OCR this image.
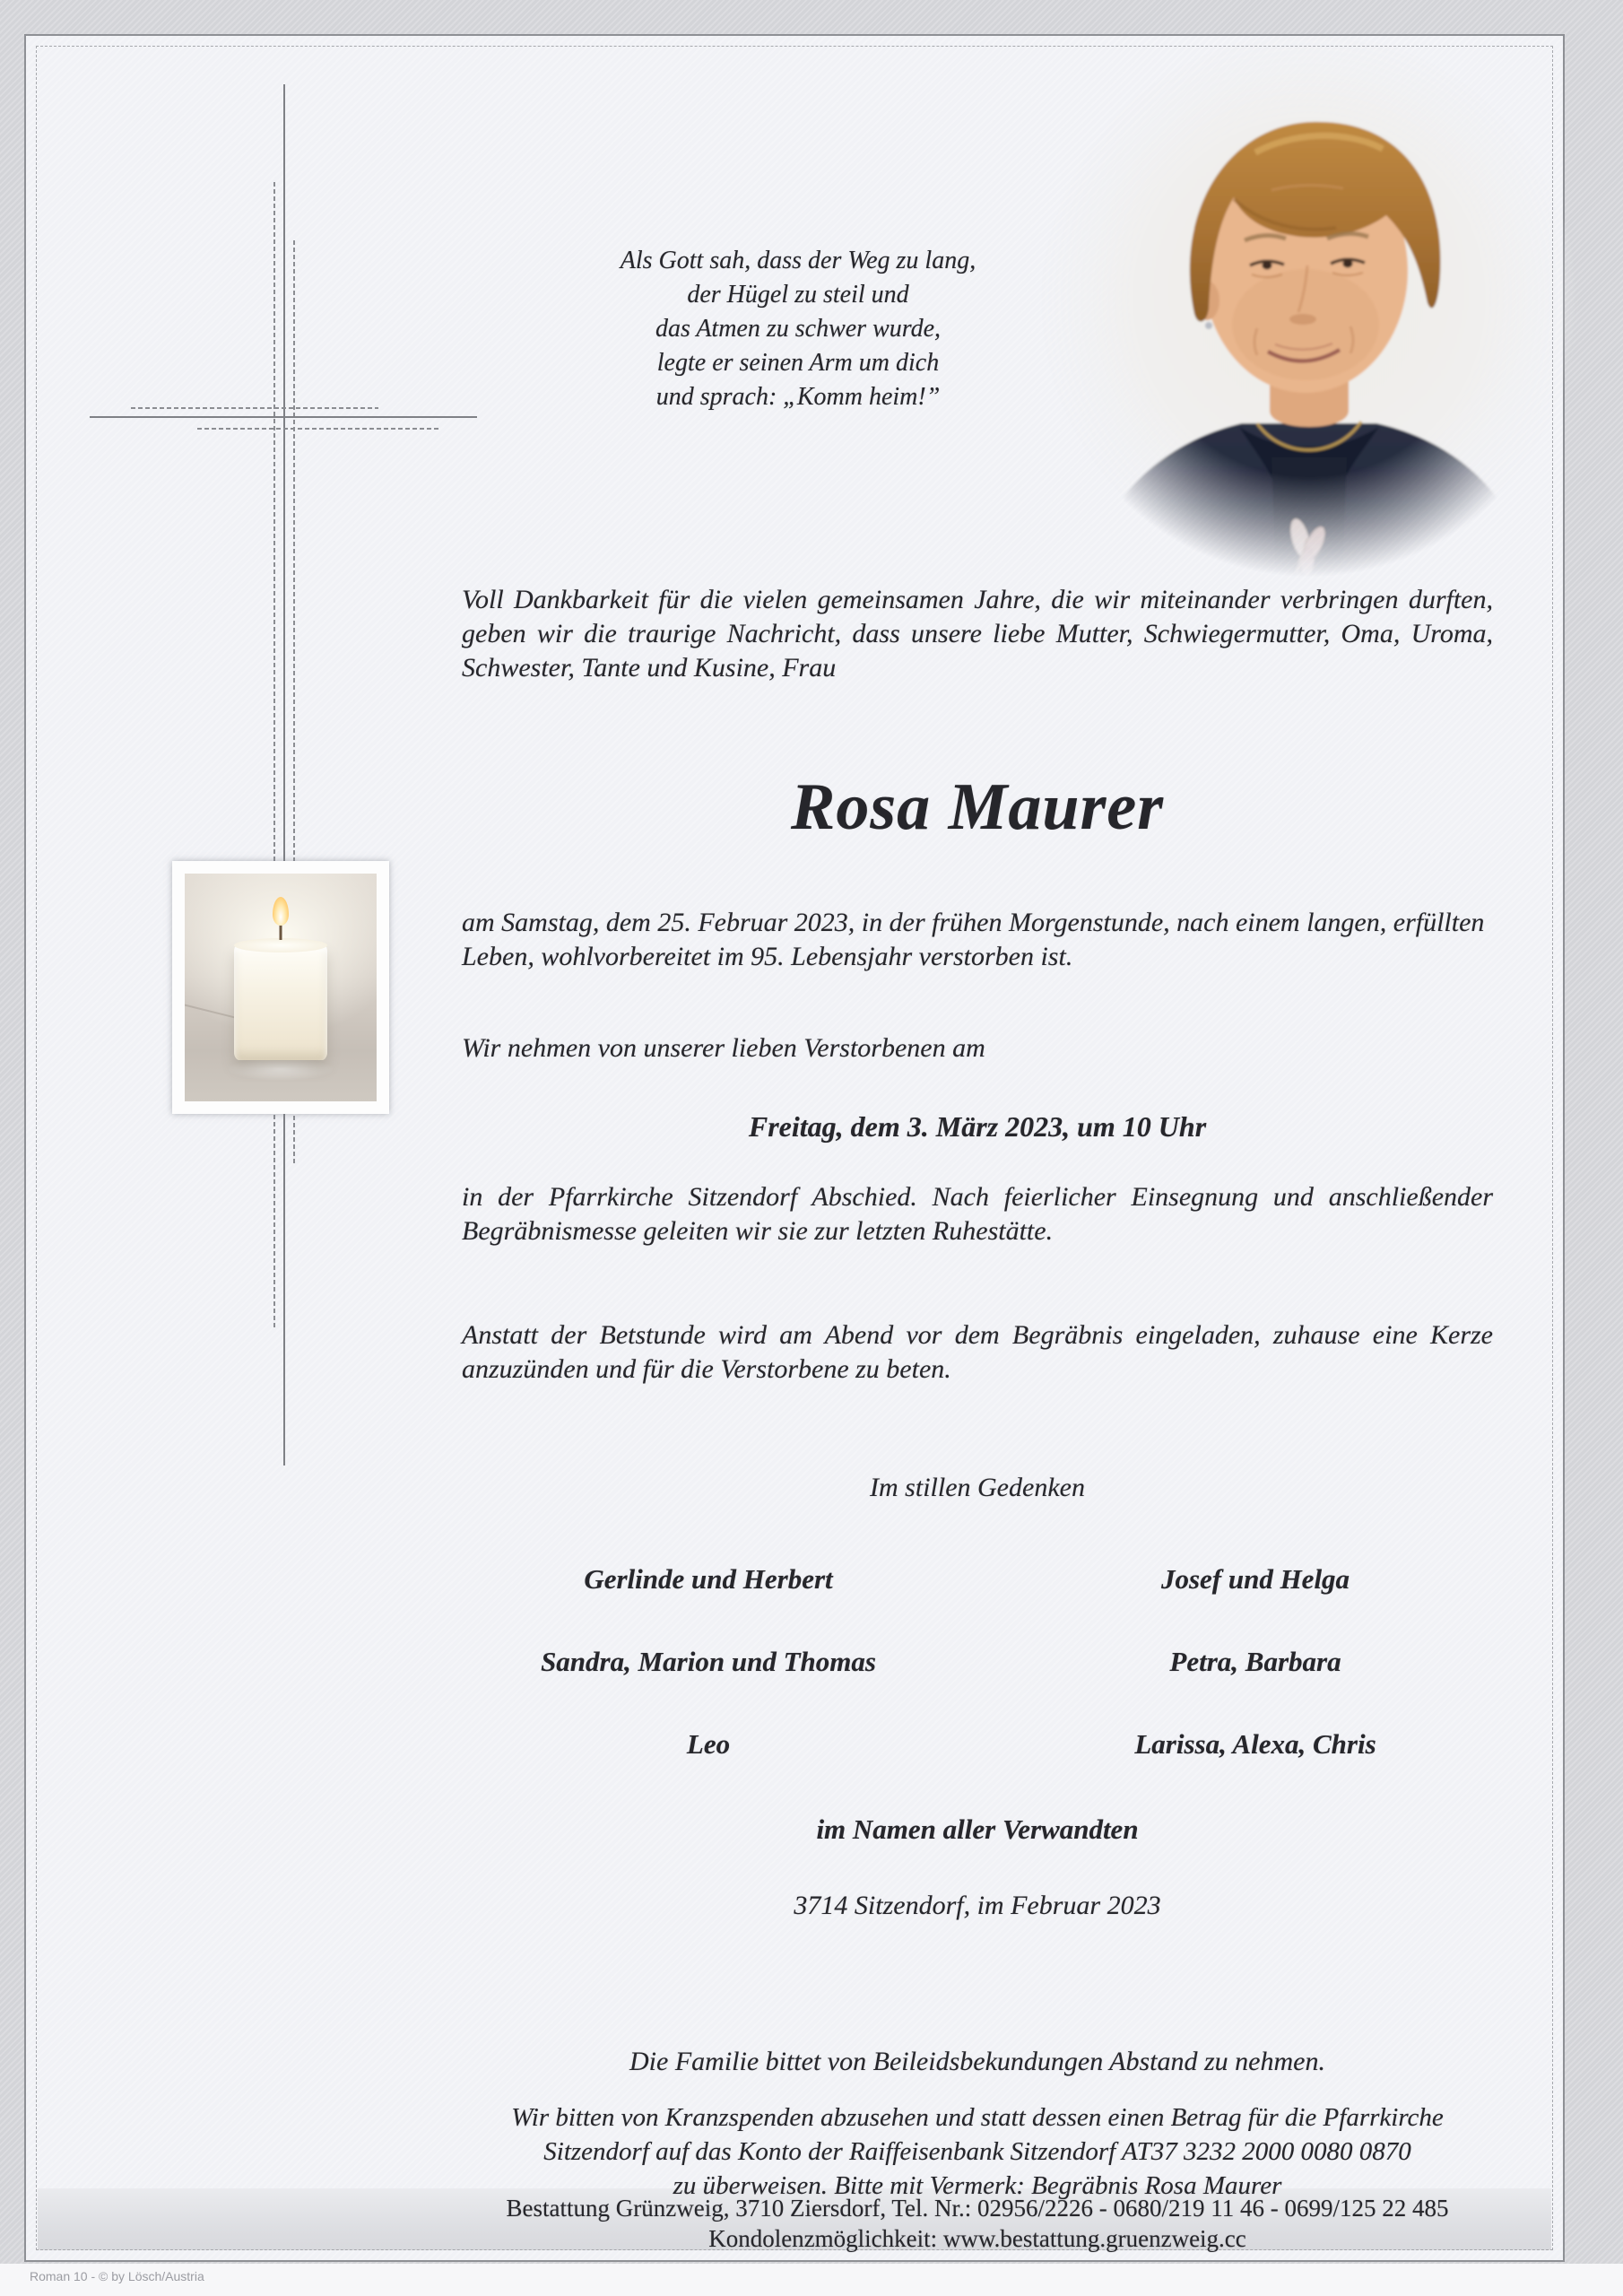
Als Gott sah, dass der Weg zu lang,
der Hügel zu steil und
das Atmen zu schwer wurde,
legte er seinen Arm um dich
und sprach: „Komm heim!”
Voll Dankbarkeit für die vielen gemeinsamen Jahre, die wir miteinander verbringen durften, geben wir die traurige Nachricht, dass unsere liebe Mutter, Schwiegermutter, Oma, Uroma, Schwester, Tante und Kusine, Frau
Rosa Maurer
am Samstag, dem 25. Februar 2023, in der frühen Morgenstunde, nach einem langen, erfüllten Leben, wohlvorbereitet im 95. Lebensjahr verstorben ist.
Wir nehmen von unserer lieben Verstorbenen am
Freitag, dem 3. März 2023, um 10 Uhr
in der Pfarrkirche Sitzendorf Abschied. Nach feierlicher Einsegnung und anschließender Begräbnismesse geleiten wir sie zur letzten Ruhestätte.
Anstatt der Betstunde wird am Abend vor dem Begräbnis eingeladen, zuhause eine Kerze anzuzünden und für die Verstorbene zu beten.
Im stillen Gedenken
Gerlinde und Herbert
Sandra, Marion und Thomas
Leo
Josef und Helga
Petra, Barbara
Larissa, Alexa, Chris
im Namen aller Verwandten
3714 Sitzendorf, im Februar 2023
Die Familie bittet von Beileidsbekundungen Abstand zu nehmen.
Wir bitten von Kranzspenden abzusehen und statt dessen einen Betrag für die Pfarrkirche
Sitzendorf auf das Konto der Raiffeisenbank Sitzendorf AT37 3232 2000 0080 0870
zu überweisen. Bitte mit Vermerk: Begräbnis Rosa Maurer
Bestattung Grünzweig, 3710 Ziersdorf, Tel. Nr.: 02956/2226 - 0680/219 11 46 - 0699/125 22 485
Kondolenzmöglichkeit: www.bestattung.gruenzweig.cc
Roman 10 - © by Lösch/Austria
